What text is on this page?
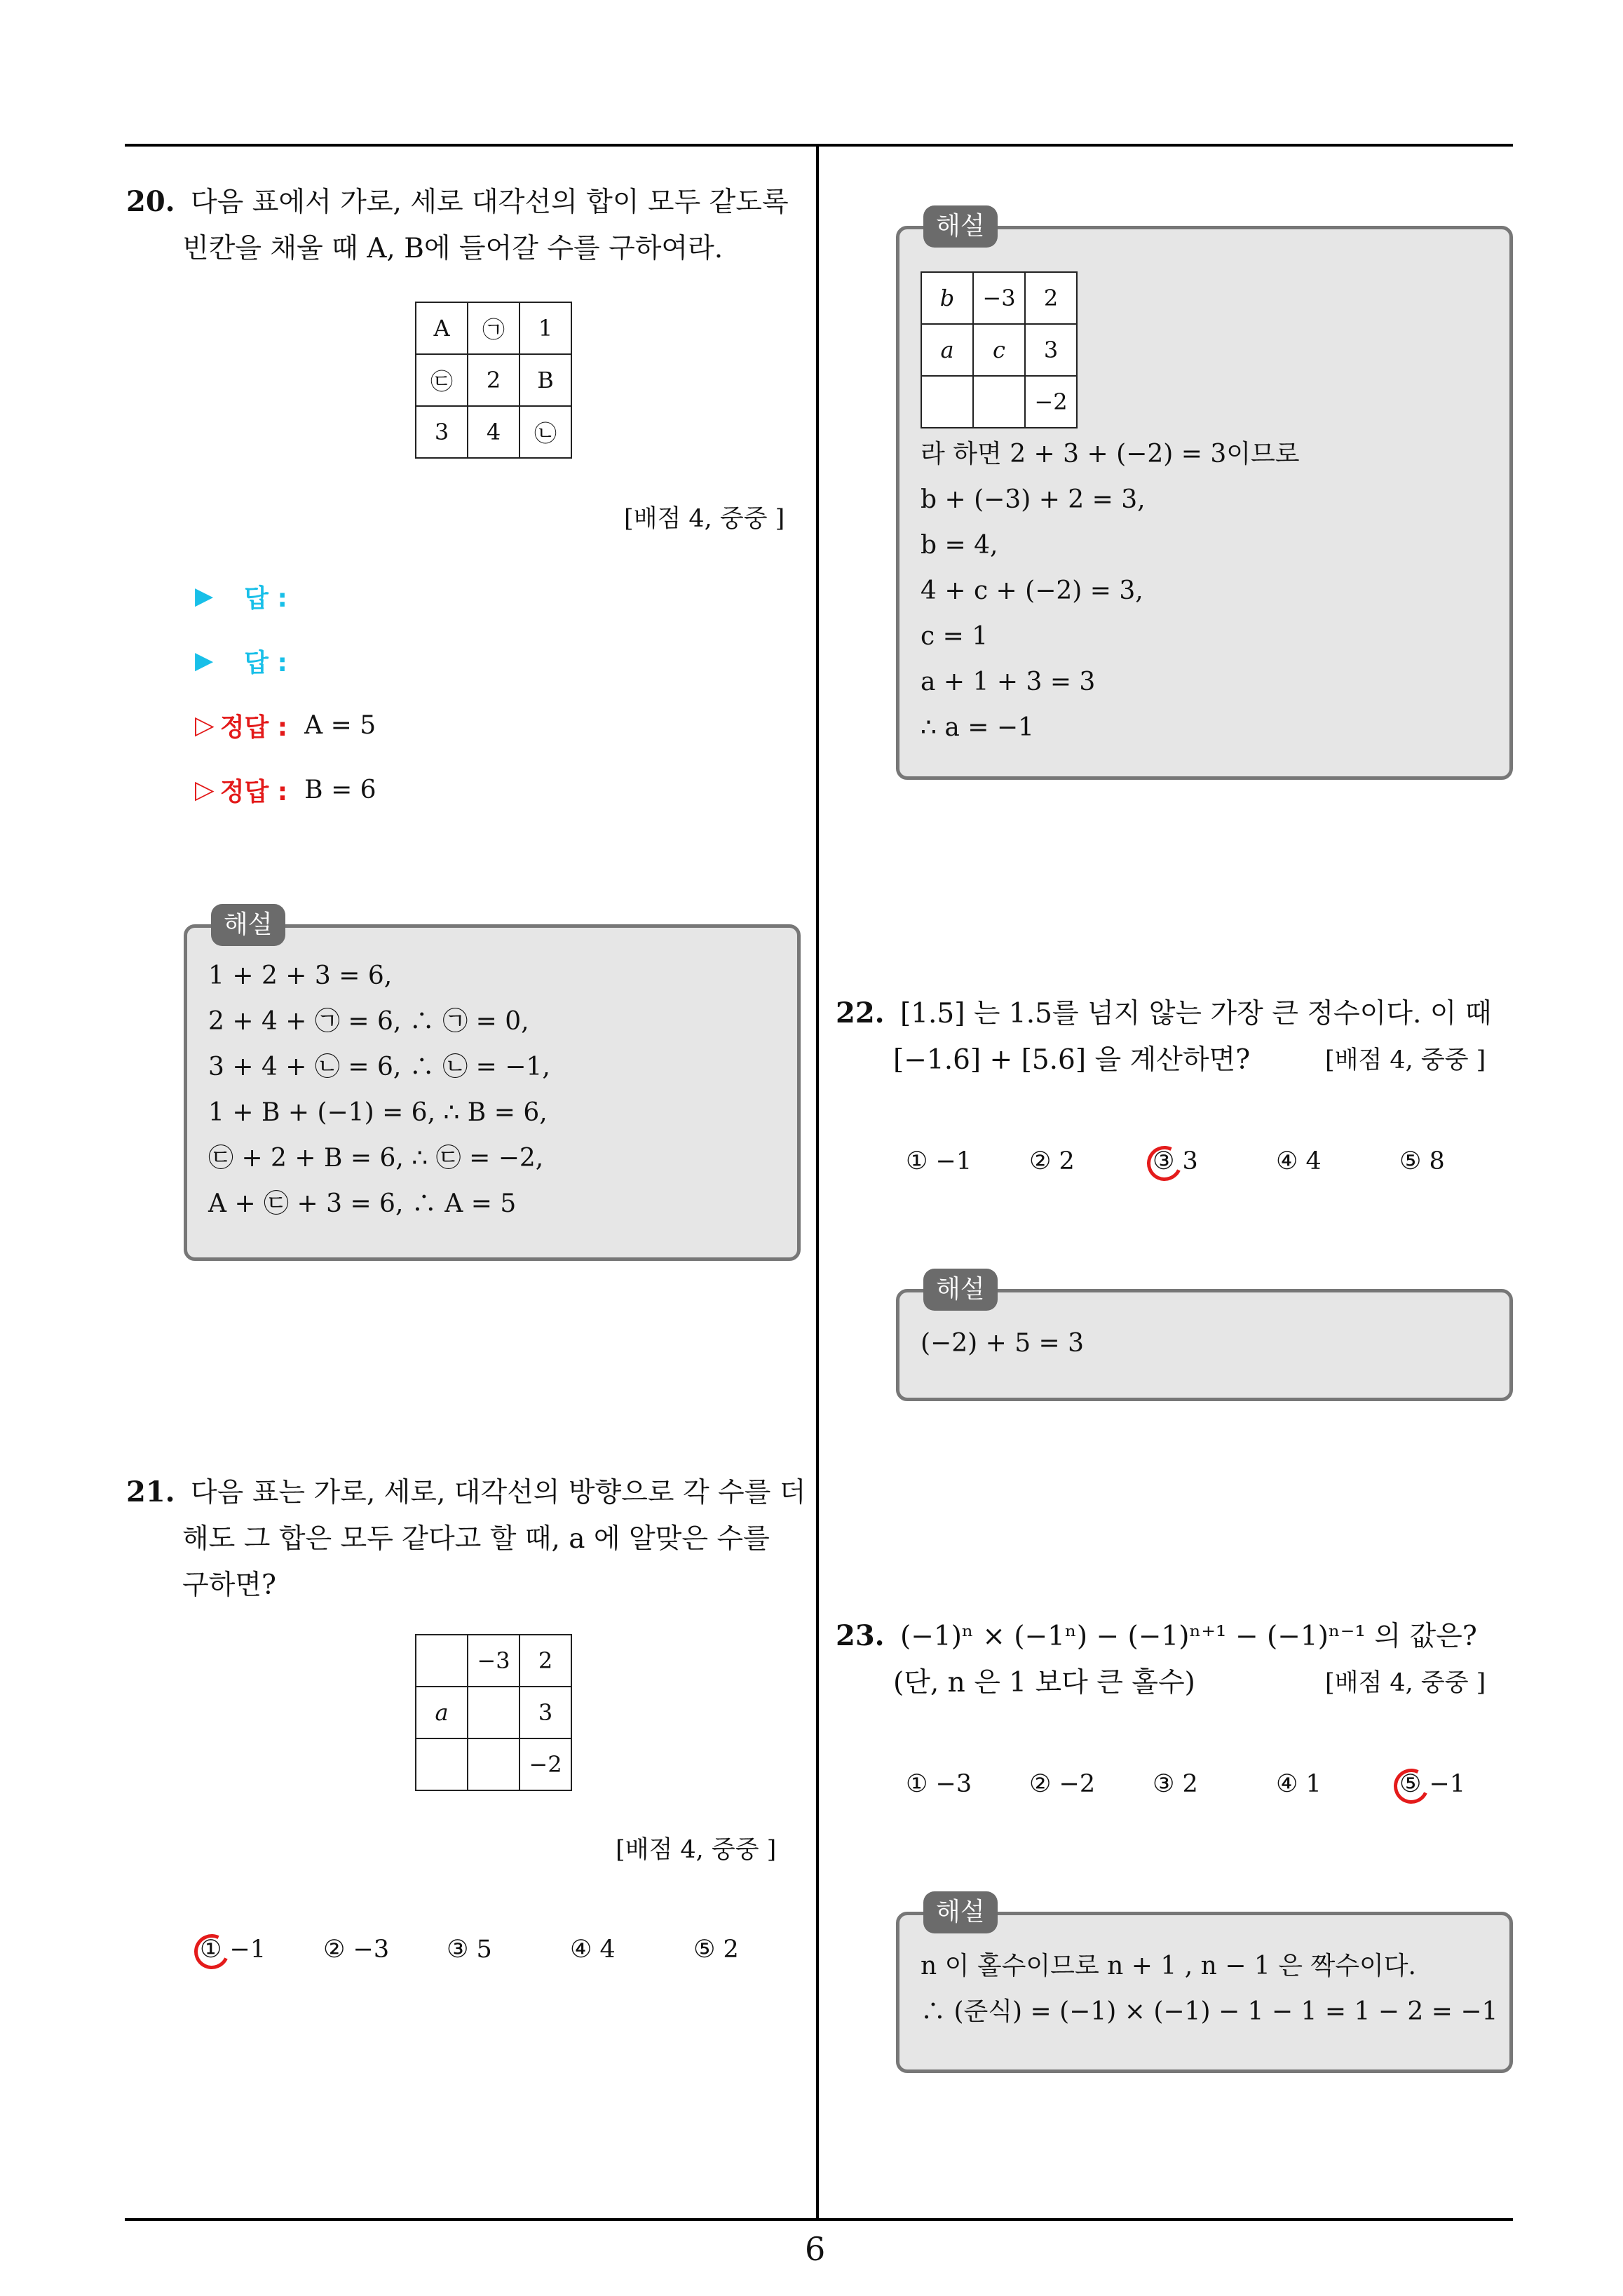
6
20. 다음 표에서 가로, 세로 대각선의 합이 모두 같도록
빈칸을 채울 때 A, B에 들어갈 수를 구하여라.
A	㉠	1
㉢	2	B
3	4	㉡
[배점 4, 중중 ]
▶ 답 :
▶ 답 :
▷ 정답 : A = 5
▷ 정답 : B = 6
해설
1 + 2 + 3 = 6,
2 + 4 + ㉠ = 6, ∴ ㉠ = 0,
3 + 4 + ㉡ = 6, ∴ ㉡ = −1,
1 + B + (−1) = 6, ∴ B = 6,
㉢ + 2 + B = 6, ∴ ㉢ = −2,
A + ㉢ + 3 = 6, ∴ A = 5
21. 다음 표는 가로, 세로, 대각선의 방향으로 각 수를 더
해도 그 합은 모두 같다고 할 때, a 에 알맞은 수를
구하면?
	−3	2
a		3
		−2
[배점 4, 중중 ]
① −1	② −3	③ 5	④ 4	⑤ 2
해설
b	−3	2
a	c	3
		−2
라 하면 2 + 3 + (−2) = 3이므로
b + (−3) + 2 = 3,
b = 4,
4 + c + (−2) = 3,
c = 1
a + 1 + 3 = 3
∴ a = −1
22. [1.5] 는 1.5를 넘지 않는 가장 큰 정수이다. 이 때
[−1.6] + [5.6] 을 계산하면?	[배점 4, 중중 ]
① −1	② 2	③ 3	④ 4	⑤ 8
해설
(−2) + 5 = 3
23. (−1)ⁿ × (−1ⁿ) − (−1)ⁿ⁺¹ − (−1)ⁿ⁻¹ 의 값은?
(단, n 은 1 보다 큰 홀수)	[배점 4, 중중 ]
① −3	② −2	③ 2	④ 1	⑤ −1
해설
n 이 홀수이므로 n + 1 , n − 1 은 짝수이다.
∴ (준식) = (−1) × (−1) − 1 − 1 = 1 − 2 = −1
